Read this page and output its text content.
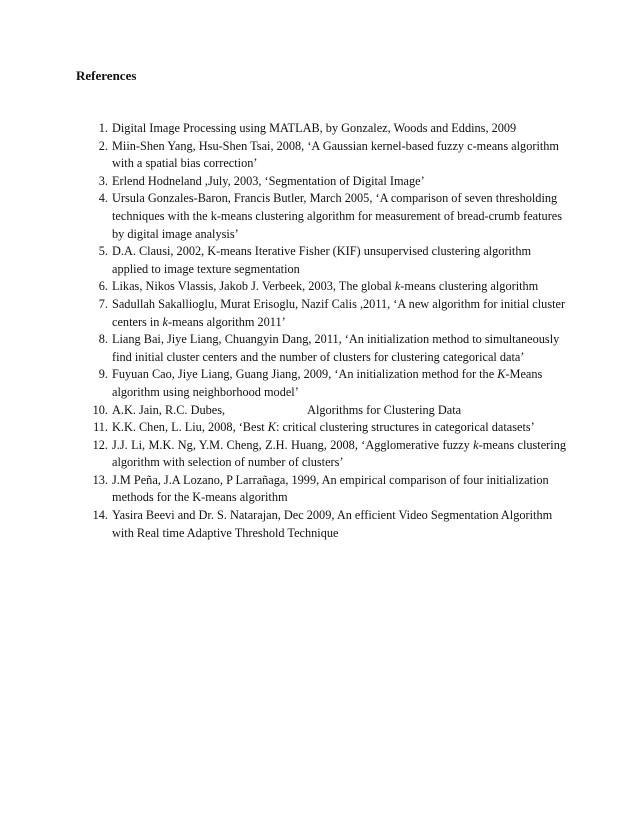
References
1. Digital Image Processing using MATLAB, by Gonzalez, Woods and Eddins, 2009
2. Miin-Shen Yang, Hsu-Shen Tsai, 2008, ‘A Gaussian kernel-based fuzzy c-means algorithm with a spatial bias correction’
3. Erlend Hodneland ,July, 2003, ‘Segmentation of Digital Image’
4. Ursula Gonzales-Baron, Francis Butler, March 2005, ‘A comparison of seven thresholding techniques with the k-means clustering algorithm for measurement of bread-crumb features by digital image analysis’
5. D.A. Clausi, 2002, K-means Iterative Fisher (KIF) unsupervised clustering algorithm applied to image texture segmentation
6. Likas, Nikos Vlassis, Jakob J. Verbeek, 2003, The global k-means clustering algorithm
7. Sadullah Sakallioglu, Murat Erisoglu, Nazif Calis ,2011, ‘A new algorithm for initial cluster centers in k-means algorithm 2011’
8. Liang Bai, Jiye Liang, Chuangyin Dang, 2011, ‘An initialization method to simultaneously find initial cluster centers and the number of clusters for clustering categorical data’
9. Fuyuan Cao, Jiye Liang, Guang Jiang, 2009, ‘An initialization method for the K-Means algorithm using neighborhood model’
10. A.K. Jain, R.C. Dubes,	Algorithms for Clustering Data
11. K.K. Chen, L. Liu, 2008, ‘Best K: critical clustering structures in categorical datasets’
12. J.J. Li, M.K. Ng, Y.M. Cheng, Z.H. Huang, 2008, ‘Agglomerative fuzzy k-means clustering algorithm with selection of number of clusters’
13. J.M Peña, J.A Lozano, P Larrañaga, 1999, An empirical comparison of four initialization methods for the K-means algorithm
14. Yasira Beevi and Dr. S. Natarajan, Dec 2009, An efficient Video Segmentation Algorithm with Real time Adaptive Threshold Technique
